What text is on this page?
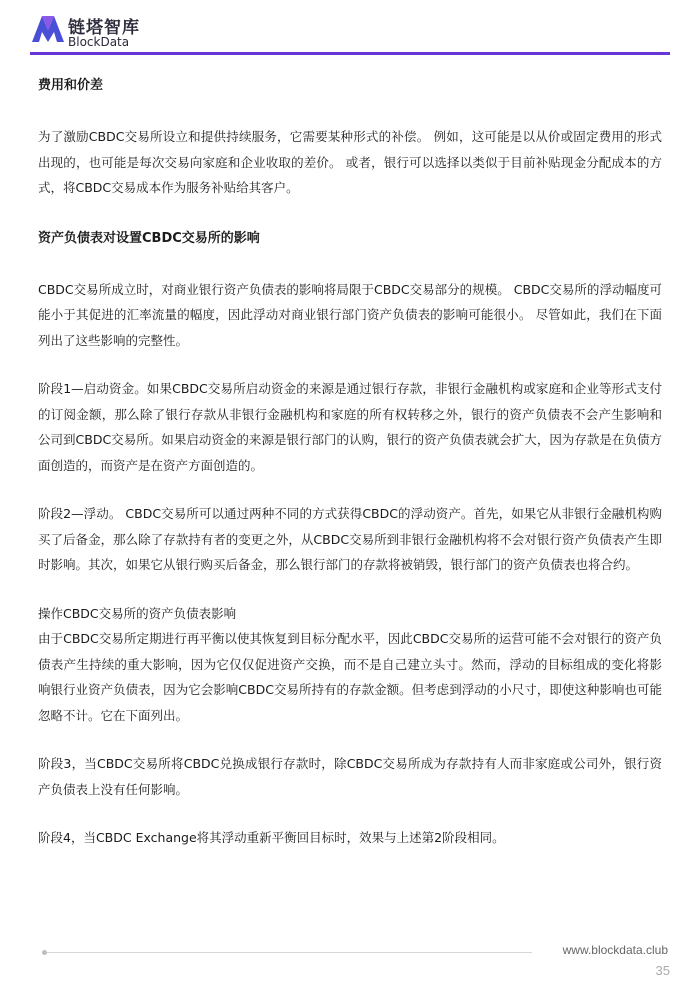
链塔智库
BlockData

费用和价差

为了激励CBDC交易所设立和提供持续服务，它需要某种形式的补偿。 例如，这可能是以从价或固定费用的形式出现的，也可能是每次交易向家庭和企业收取的差价。 或者，银行可以选择以类似于目前补贴现金分配成本的方式，将CBDC交易成本作为服务补贴给其客户。

资产负债表对设置CBDC交易所的影响

CBDC交易所成立时，对商业银行资产负债表的影响将局限于CBDC交易部分的规模。 CBDC交易所的浮动幅度可能小于其促进的汇率流量的幅度，因此浮动对商业银行部门资产负债表的影响可能很小。 尽管如此，我们在下面列出了这些影响的完整性。

阶段1—启动资金。如果CBDC交易所启动资金的来源是通过银行存款，非银行金融机构或家庭和企业等形式支付的订阅金额，那么除了银行存款从非银行金融机构和家庭的所有权转移之外，银行的资产负债表不会产生影响和公司到CBDC交易所。如果启动资金的来源是银行部门的认购，银行的资产负债表就会扩大，因为存款是在负债方面创造的，而资产是在资产方面创造的。

阶段2—浮动。 CBDC交易所可以通过两种不同的方式获得CBDC的浮动资产。首先，如果它从非银行金融机构购买了后备金，那么除了存款持有者的变更之外，从CBDC交易所到非银行金融机构将不会对银行资产负债表产生即时影响。其次，如果它从银行购买后备金，那么银行部门的存款将被销毁，银行部门的资产负债表也将合约。

操作CBDC交易所的资产负债表影响

由于CBDC交易所定期进行再平衡以使其恢复到目标分配水平，因此CBDC交易所的运营可能不会对银行的资产负债表产生持续的重大影响，因为它仅仅促进资产交换，而不是自己建立头寸。然而，浮动的目标组成的变化将影响银行业资产负债表，因为它会影响CBDC交易所持有的存款金额。但考虑到浮动的小尺寸，即使这种影响也可能忽略不计。它在下面列出。

阶段3，当CBDC交易所将CBDC兑换成银行存款时，除CBDC交易所成为存款持有人而非家庭或公司外，银行资产负债表上没有任何影响。

阶段4，当CBDC Exchange将其浮动重新平衡回目标时，效果与上述第2阶段相同。

www.blockdata.club
35
